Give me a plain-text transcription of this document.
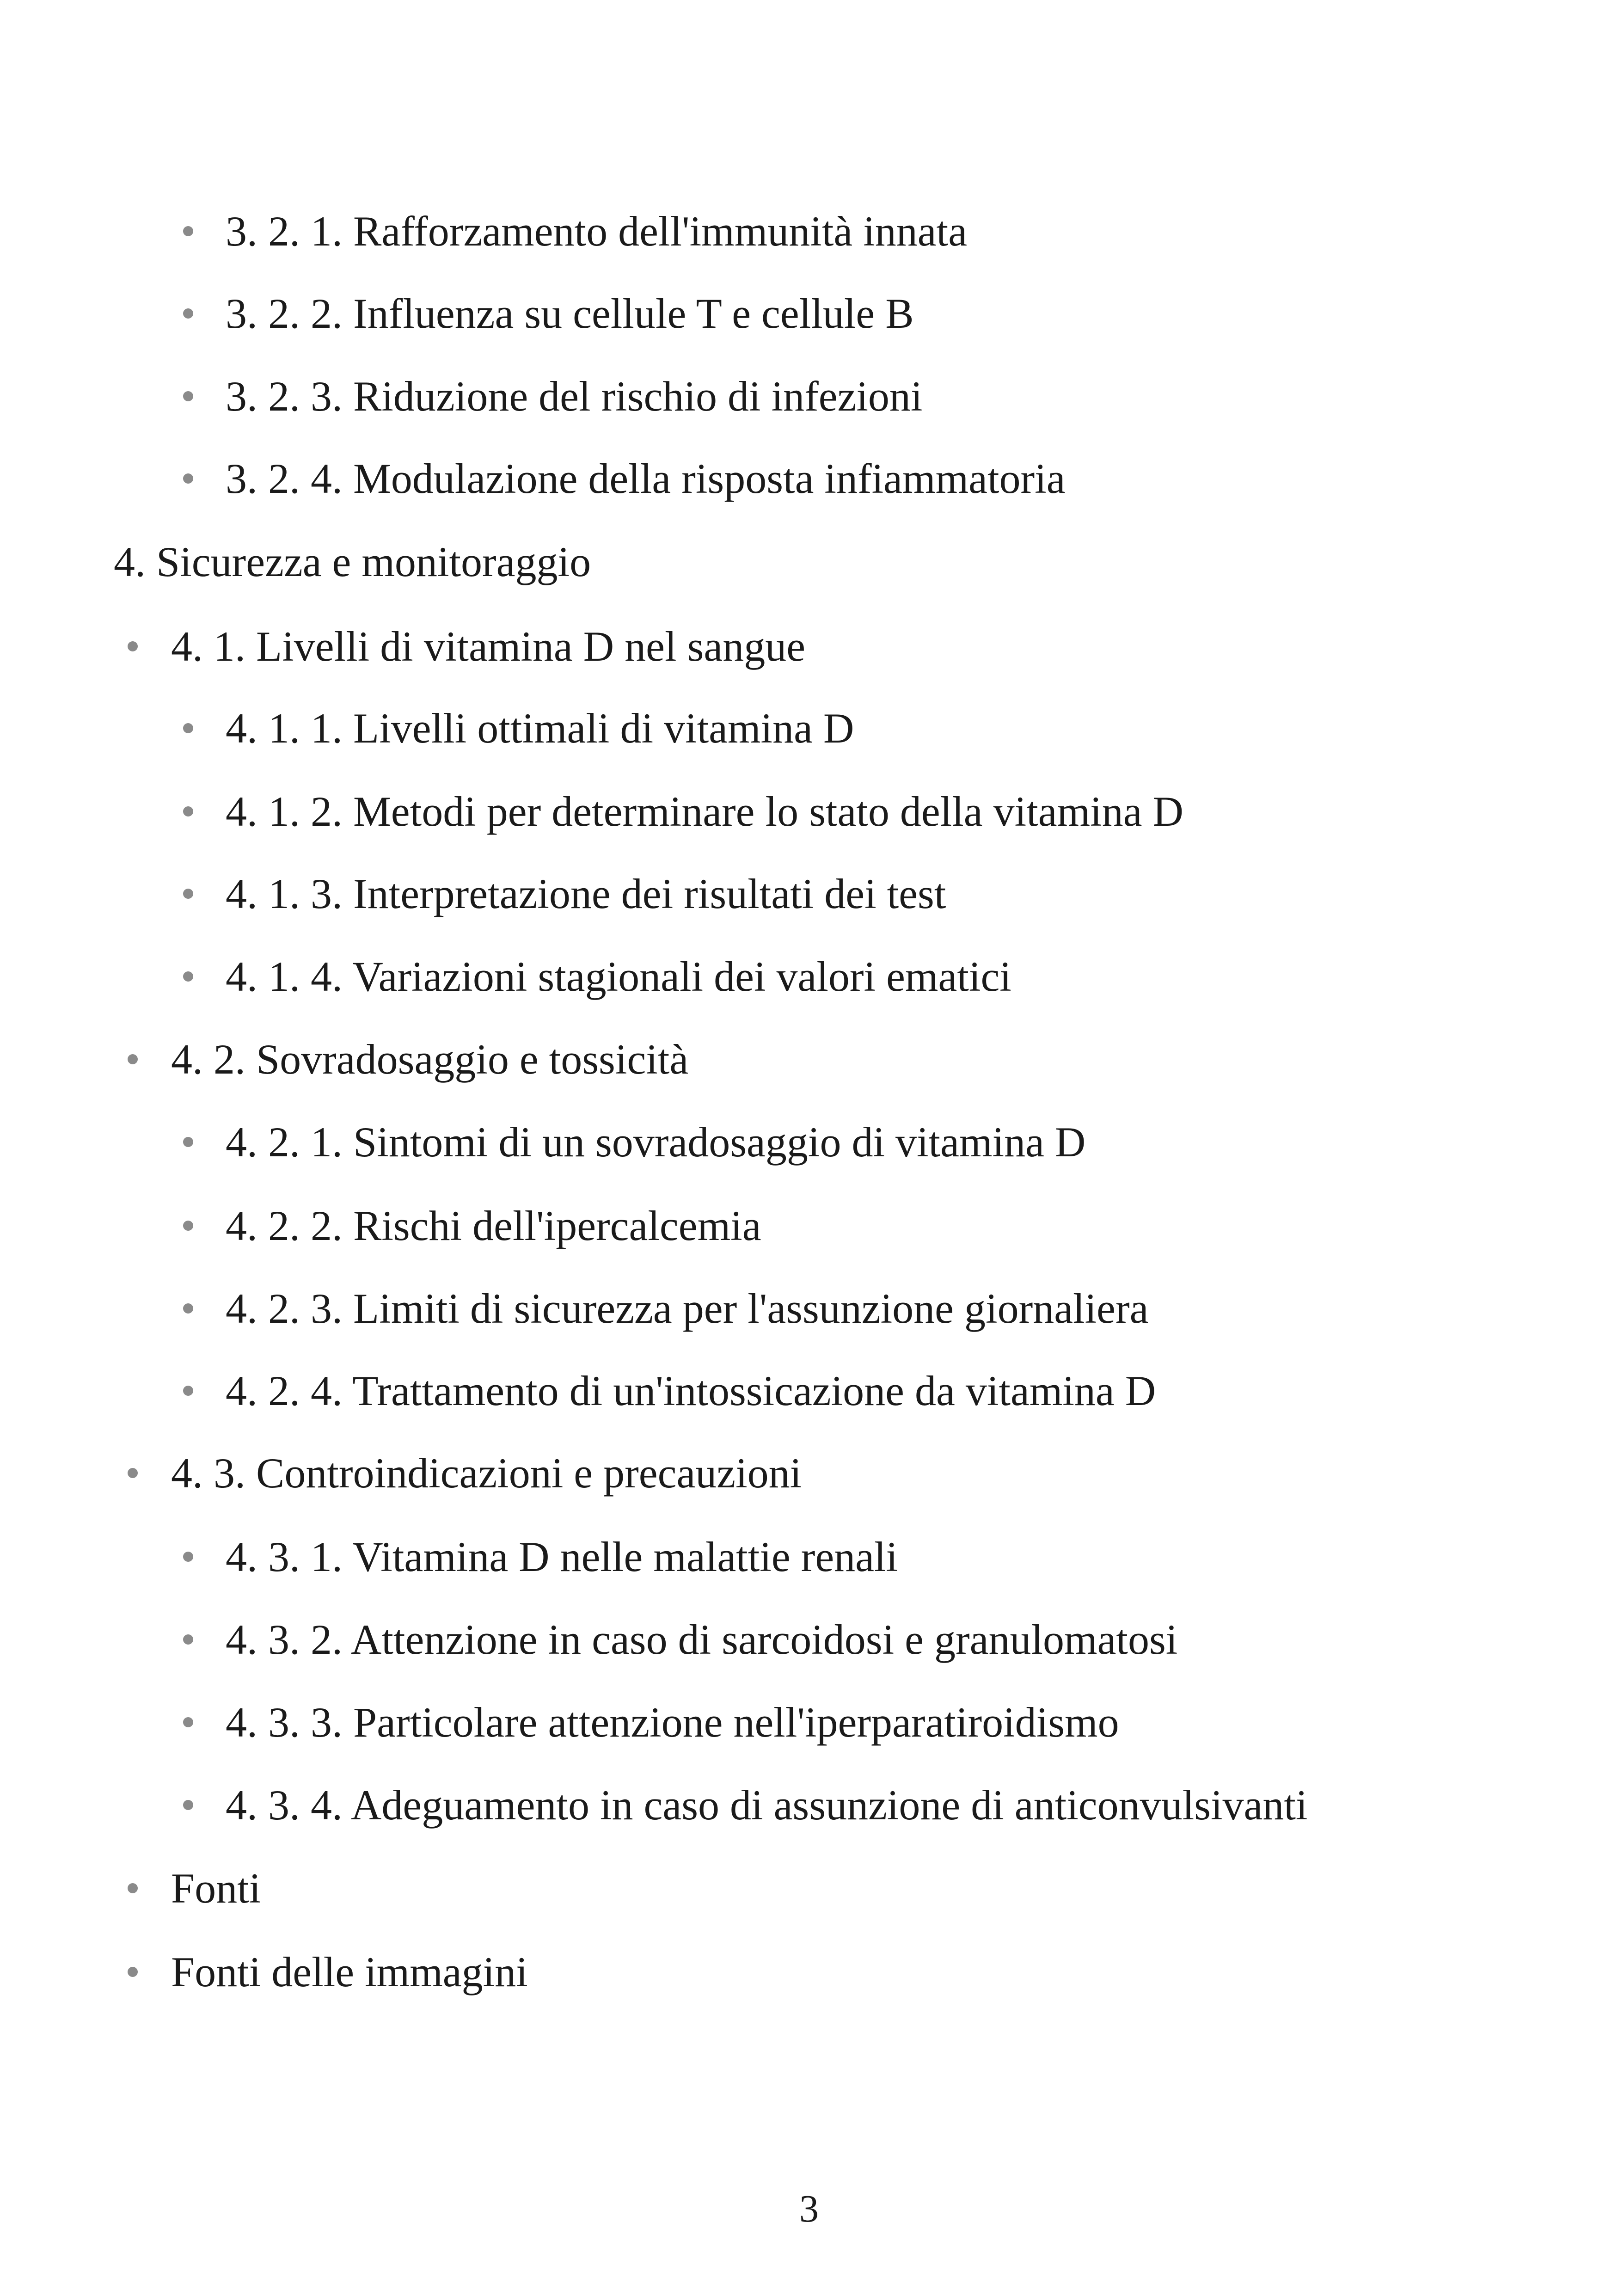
3. 2. 1. Rafforzamento dell'immunità innata
3. 2. 2. Influenza su cellule T e cellule B
3. 2. 3. Riduzione del rischio di infezioni
3. 2. 4. Modulazione della risposta infiammatoria
4. Sicurezza e monitoraggio
4. 1. Livelli di vitamina D nel sangue
4. 1. 1. Livelli ottimali di vitamina D
4. 1. 2. Metodi per determinare lo stato della vitamina D
4. 1. 3. Interpretazione dei risultati dei test
4. 1. 4. Variazioni stagionali dei valori ematici
4. 2. Sovradosaggio e tossicità
4. 2. 1. Sintomi di un sovradosaggio di vitamina D
4. 2. 2. Rischi dell'ipercalcemia
4. 2. 3. Limiti di sicurezza per l'assunzione giornaliera
4. 2. 4. Trattamento di un'intossicazione da vitamina D
4. 3. Controindicazioni e precauzioni
4. 3. 1. Vitamina D nelle malattie renali
4. 3. 2. Attenzione in caso di sarcoidosi e granulomatosi
4. 3. 3. Particolare attenzione nell'iperparatiroidismo
4. 3. 4. Adeguamento in caso di assunzione di anticonvulsivanti
Fonti
Fonti delle immagini
3
